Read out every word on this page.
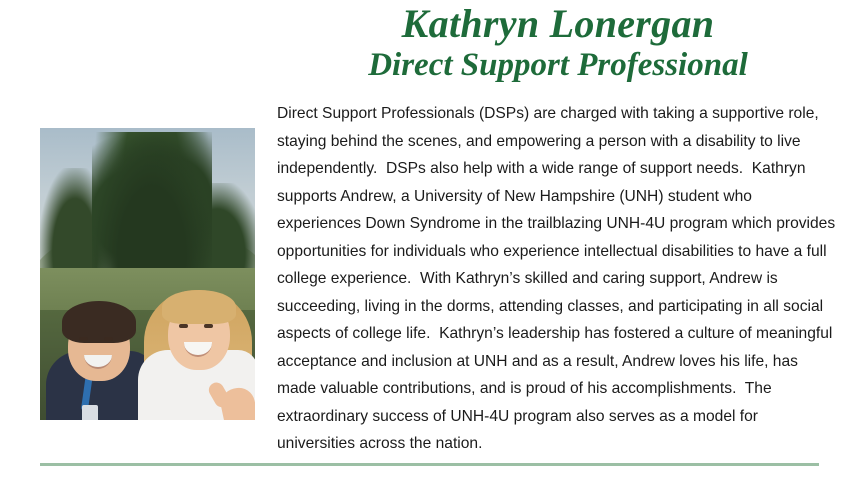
Kathryn Lonergan
Direct Support Professional
Direct Support Professionals (DSPs) are charged with taking a supportive role, staying behind the scenes, and empowering a person with a disability to live independently.  DSPs also help with a wide range of support needs.  Kathryn supports Andrew, a University of New Hampshire (UNH) student who experiences Down Syndrome in the trailblazing UNH-4U program which provides opportunities for individuals who experience intellectual disabilities to have a full college experience.  With Kathryn’s skilled and caring support, Andrew is succeeding, living in the dorms, attending classes, and participating in all social aspects of college life.  Kathryn’s leadership has fostered a culture of meaningful acceptance and inclusion at UNH and as a result, Andrew loves his life, has made valuable contributions, and is proud of his accomplishments.  The extraordinary success of UNH-4U program also serves as a model for universities across the nation.
